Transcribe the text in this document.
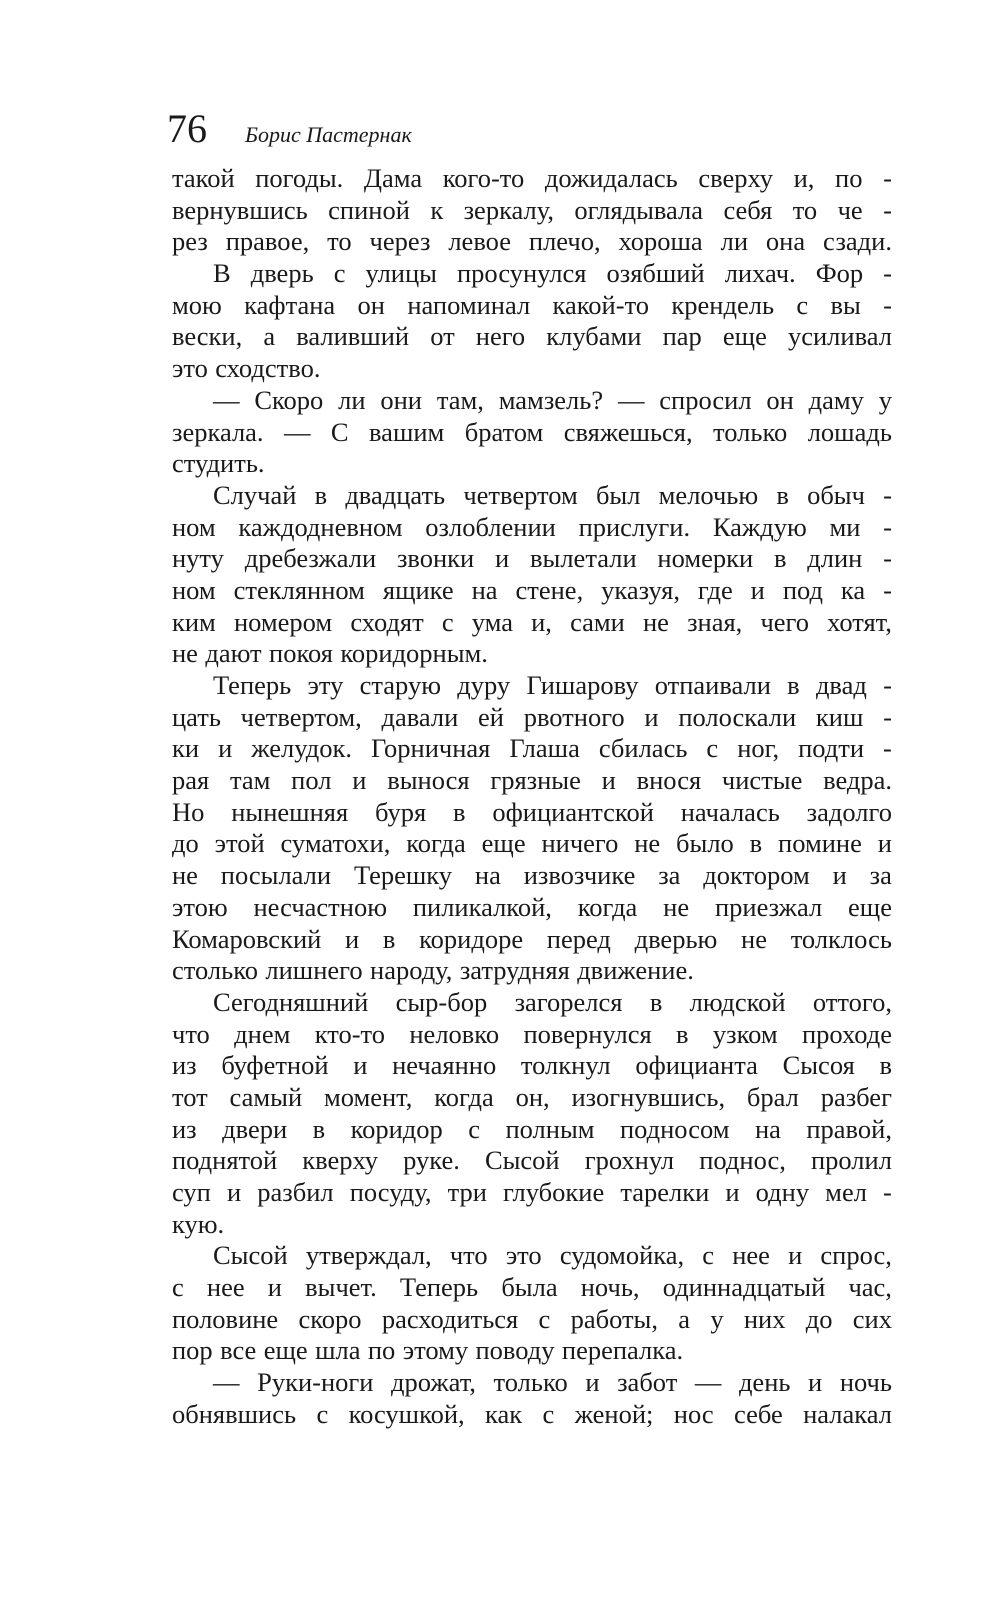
76 Борис Пастернак
такой погоды. Дама кого-то дожидалась сверху и, по -
вернувшись спиной к зеркалу, оглядывала себя то че -
рез правое, то через левое плечо, хороша ли она сзади.
В дверь с улицы просунулся озябший лихач. Фор -
мою кафтана он напоминал какой-то крендель с вы -
вески, а валивший от него клубами пар еще усиливал
это сходство.
— Скоро ли они там, мамзель? — спросил он даму у
зеркала. — С вашим братом свяжешься, только лошадь
студить.
Случай в двадцать четвертом был мелочью в обыч -
ном каждодневном озлоблении прислуги. Каждую ми -
нуту дребезжали звонки и вылетали номерки в длин -
ном стеклянном ящике на стене, указуя, где и под ка -
ким номером сходят с ума и, сами не зная, чего хотят,
не дают покоя коридорным.
Теперь эту старую дуру Гишарову отпаивали в двад -
цать четвертом, давали ей рвотного и полоскали киш -
ки и желудок. Горничная Глаша сбилась с ног, подти -
рая там пол и вынося грязные и внося чистые ведра.
Но нынешняя буря в официантской началась задолго
до этой суматохи, когда еще ничего не было в помине и
не посылали Терешку на извозчике за доктором и за
этою несчастною пиликалкой, когда не приезжал еще
Комаровский и в коридоре перед дверью не толклось
столько лишнего народу, затрудняя движение.
Сегодняшний сыр-бор загорелся в людской оттого,
что днем кто-то неловко повернулся в узком проходе
из буфетной и нечаянно толкнул официанта Сысоя в
тот самый момент, когда он, изогнувшись, брал разбег
из двери в коридор с полным подносом на правой,
поднятой кверху руке. Сысой грохнул поднос, пролил
суп и разбил посуду, три глубокие тарелки и одну мел -
кую.
Сысой утверждал, что это судомойка, с нее и спрос,
с нее и вычет. Теперь была ночь, одиннадцатый час,
половине скоро расходиться с работы, а у них до сих
пор все еще шла по этому поводу перепалка.
— Руки-ноги дрожат, только и забот — день и ночь
обнявшись с косушкой, как с женой; нос себе налакал
